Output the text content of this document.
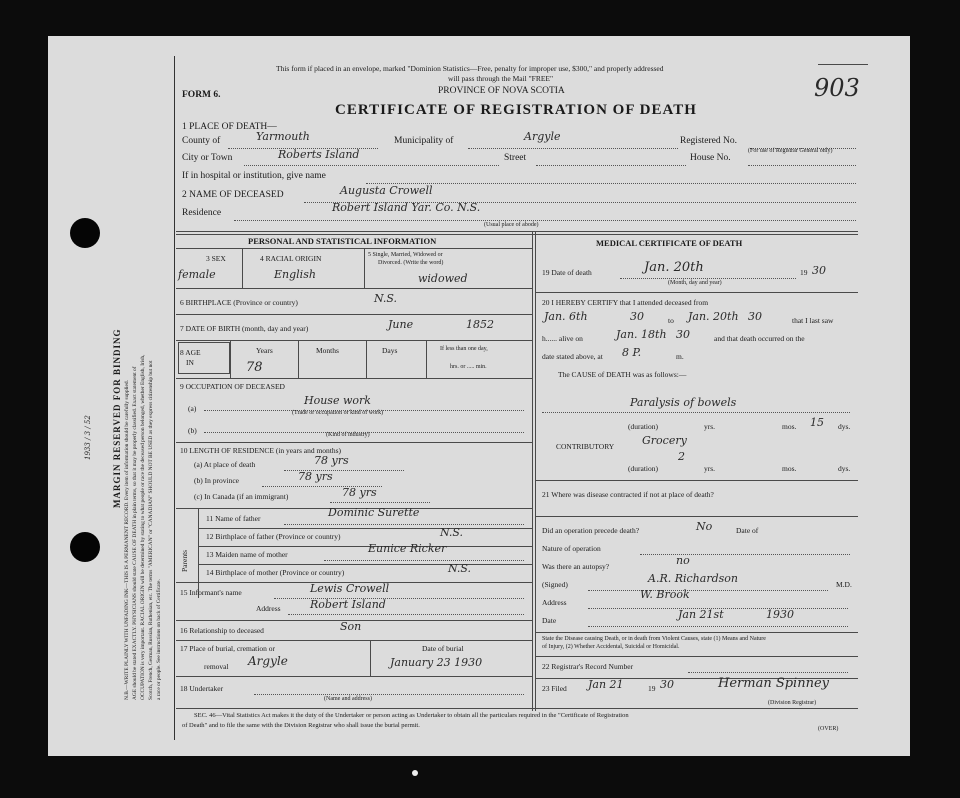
This form if placed in an envelope, marked "Dominion Statistics—Free, penalty for improper use, $300," and properly addressed
will pass through the Mail "FREE"
PROVINCE OF NOVA SCOTIA
FORM 6.
CERTIFICATE OF REGISTRATION OF DEATH
903
1 PLACE OF DEATH—
County of	Yarmouth	Municipality of	Argyle	Registered No.
(For use of Registrar General only)
City or Town	Roberts Island	Street	House No.
If in hospital or institution, give name
2 NAME OF DECEASED	Augusta Crowell
Residence	Robert Island Yar. Co. N.S.
(Usual place of abode)
PERSONAL AND STATISTICAL INFORMATION
3 SEX	4 RACIAL ORIGIN	5 Single, Married, Widowed or
Divorced. (Write the word)
female	English	widowed
6 BIRTHPLACE (Province or country)	N.S.
7 DATE OF BIRTH (month, day and year)	June	1852
8 AGE
IN
Years	Months	Days	If less than one day,
hrs. or ..... min.
78
9 OCCUPATION OF DECEASED
(a)
House work
(Trade or occupation or kind of work)
(b)	(Kind of industry)
10 LENGTH OF RESIDENCE (in years and months)
(a) At place of death	78 yrs
(b) In province	78 yrs
(c) In Canada (if an immigrant)	78 yrs
Parents
11 Name of father	Dominic Surette
12 Birthplace of father (Province or country)	N.S.
13 Maiden name of mother	Eunice Ricker
14 Birthplace of mother (Province or country)	N.S.
15 Informant's name	Lewis Crowell
Address	Robert Island
16 Relationship to deceased	Son
17 Place of burial, cremation or
removal Argyle
Date of burial
January 23 1930
18 Undertaker
(Name and address)
MEDICAL CERTIFICATE OF DEATH
19 Date of death	Jan. 20th	19 30
(Month, day and year)
20 I HEREBY CERTIFY that I attended deceased from
Jan. 6th	30	to Jan. 20th 30	that I last saw
h...... alive on	Jan. 18th 30	and that death occurred on the
date stated above, at 8 P.	m.
The CAUSE of DEATH was as follows:—
Paralysis of bowels
(duration)	yrs.	mos. 15 dys.
CONTRIBUTORY	Grocery
2
(duration)	yrs.	mos.	dys.
21 Where was disease contracted if not at place of death?
Did an operation precede death?	No	Date of
Nature of operation
Was there an autopsy?	no
(Signed)	A.R. Richardson	M.D.
Address
W. Brook
Date	Jan 21st	1930
State the Disease causing Death, or in death from Violent Causes, state (1) Means and Nature
of Injury, (2) Whether Accidental, Suicidal or Homicidal.
22 Registrar's Record Number
23 Filed Jan 21	19 30	Herman Spinney
(Division Registrar)
SEC. 46—Vital Statistics Act makes it the duty of the Undertaker or person acting as Undertaker to obtain all the particulars required in the "Certificate of Registration
of Death" and to file the same with the Division Registrar who shall issue the burial permit.	(OVER)
MARGIN RESERVED FOR BINDING
1933 / 3 / 52	N.B.—WRITE PLAINLY WITH UNFADING INK—THIS IS A PERMANENT RECORD. Every item of information should be carefully supplied. AGE should be stated EXACTLY. PHYSICIANS should state CAUSE OF DEATH in plain terms, so that it may be properly classified. Exact statement of OCCUPATION is very important. RACIAL ORIGIN will be determined by stating to what people or race the deceased person belonged, whether English, Irish, Scotch, French, German, Russian, Ruthenian, etc. The terms "AMERICAN" or "CANADIAN" SHOULD NOT BE USED as they express citizenship but not a race or people. See instructions on back of Certificate.
